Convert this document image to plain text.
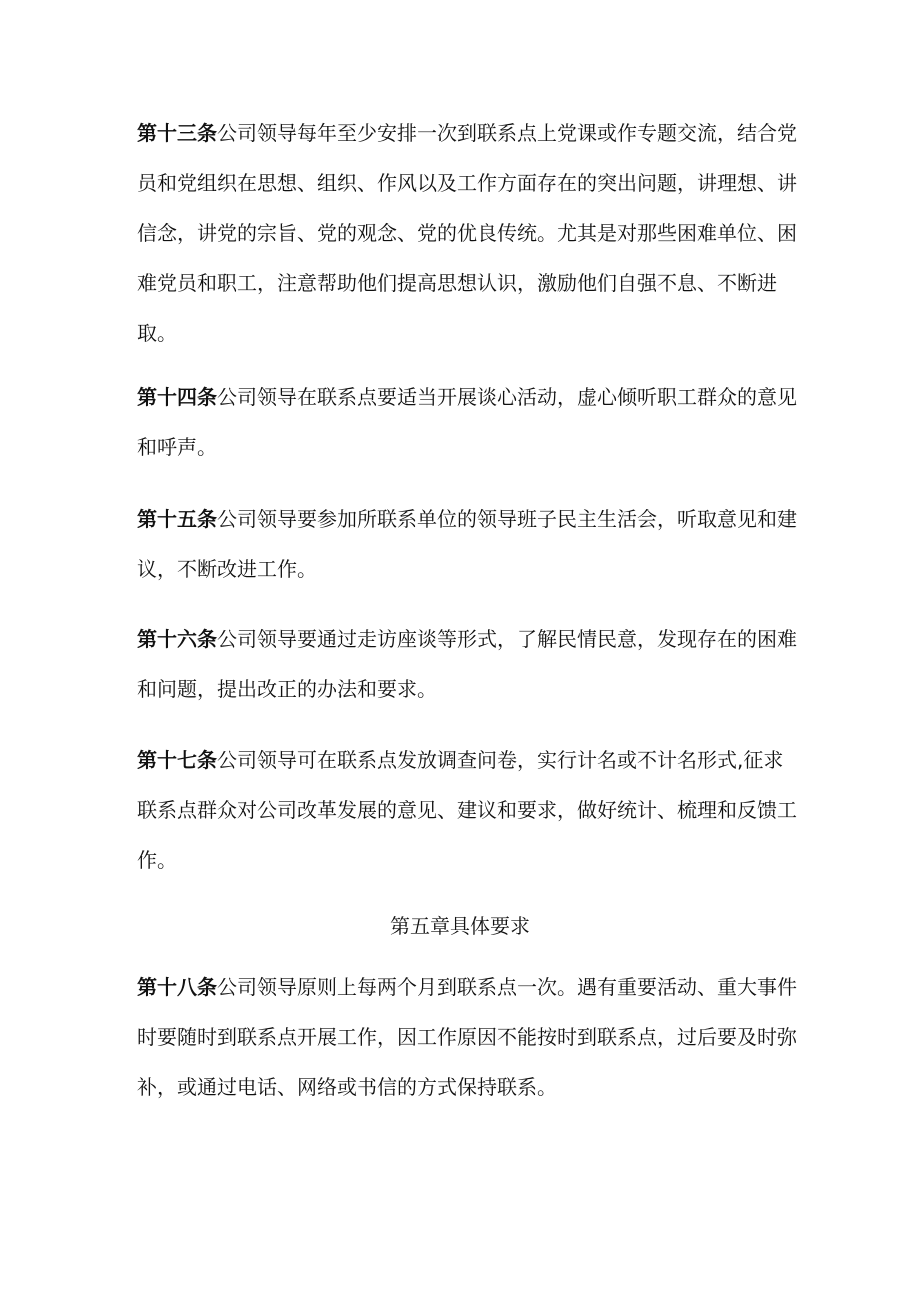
第十三条公司领导每年至少安排一次到联系点上党课或作专题交流，结合党员和党组织在思想、组织、作风以及工作方面存在的突出问题，讲理想、讲信念，讲党的宗旨、党的观念、党的优良传统。尤其是对那些困难单位、困难党员和职工，注意帮助他们提高思想认识，激励他们自强不息、不断进取。

第十四条公司领导在联系点要适当开展谈心活动，虚心倾听职工群众的意见和呼声。

第十五条公司领导要参加所联系单位的领导班子民主生活会，听取意见和建议，不断改进工作。

第十六条公司领导要通过走访座谈等形式，了解民情民意，发现存在的困难和问题，提出改正的办法和要求。

第十七条公司领导可在联系点发放调查问卷，实行计名或不计名形式,征求联系点群众对公司改革发展的意见、建议和要求，做好统计、梳理和反馈工作。

第五章具体要求

第十八条公司领导原则上每两个月到联系点一次。遇有重要活动、重大事件时要随时到联系点开展工作，因工作原因不能按时到联系点，过后要及时弥补，或通过电话、网络或书信的方式保持联系。
